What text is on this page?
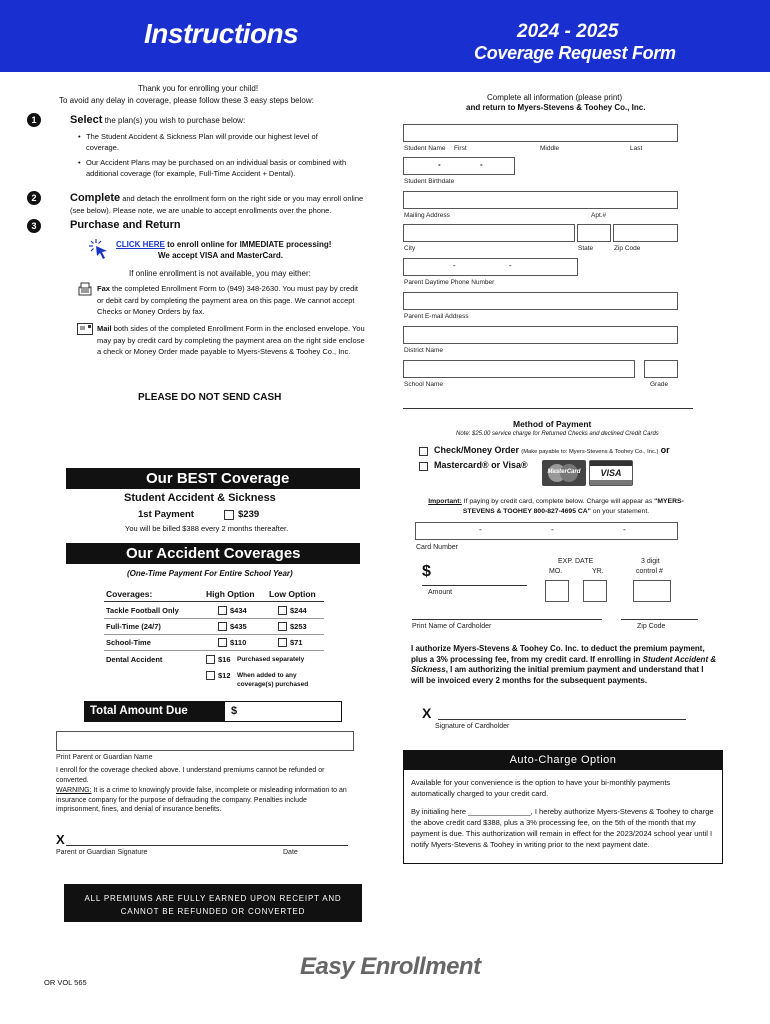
Instructions	2024 - 2025
Coverage Request Form
Thank you for enrolling your child!
To avoid any delay in coverage, please follow these 3 easy steps below:
1	Select the plan(s) you wish to purchase below:
• The Student Accident & Sickness Plan will provide our highest level of coverage.
• Our Accident Plans may be purchased on an individual basis or combined with additional coverage (for example, Full-Time Accident + Dental).
2	Complete and detach the enrollment form on the right side or you may enroll online (see below). Please note, we are unable to accept enrollments over the phone.
3	Purchase and Return
CLICK HERE to enroll online for IMMEDIATE processing!
We accept VISA and MasterCard.
If online enrollment is not available, you may either:
Fax the completed Enrollment Form to (949) 348-2630. You must pay by credit or debit card by completing the payment area on this page. We cannot accept Checks or Money Orders by fax.
Mail both sides of the completed Enrollment Form in the enclosed envelope. You may pay by credit card by completing the payment area on the right side enclose a check or Money Order made payable to Myers-Stevens & Toohey Co., Inc.
PLEASE DO NOT SEND CASH
Our BEST Coverage
Student Accident & Sickness
1st Payment	$239
You will be billed $388 every 2 months thereafter.
Our Accident Coverages
(One-Time Payment For Entire School Year)
Coverages:	High Option Low Option
Tackle Football Only	$434	$244
Full-Time (24/7)	$435	$253
School-Time	$110	$71
Dental Accident	$16 Purchased separately
$12 When added to any
coverage(s) purchased
Total Amount Due	$
Print Parent or Guardian Name
I enroll for the coverage checked above. I understand premiums cannot be refunded or converted.
WARNING: It is a crime to knowingly provide false, incomplete or misleading information to an insurance company for the purpose of defrauding the company. Penalties include imprisonment, fines, and denial of insurance benefits.
X
Parent or Guardian Signature	Date
ALL PREMIUMS ARE FULLY EARNED UPON RECEIPT AND
CANNOT BE REFUNDED OR CONVERTED
OR VOL 565
Easy Enrollment
Complete all information (please print)
and return to Myers-Stevens & Toohey Co., Inc.
Student Name First	Middle	Last
-	-
Student Birthdate
Mailing Address	Apt.#
City	State	Zip Code
-	-
Parent Daytime Phone Number
Parent E-mail Address
District Name
School Name	Grade
Method of Payment
Note: $25.00 service charge for Returned Checks and declined Credit Cards
Check/Money Order (Make payable to: Myers-Stevens & Toohey Co., Inc.) or
Mastercard® or Visa®
MasterCard	VISA
Important: If paying by credit card, complete below. Charge will appear as "MYERS-STEVENS & TOOHEY 800-827-4695 CA" on your statement.
-	-	-
Card Number
EXP. DATE
MO.	YR.
3 digit
control #
$
Amount
Print Name of Cardholder	Zip Code
I authorize Myers-Stevens & Toohey Co. Inc. to deduct the premium payment, plus a 3% processing fee, from my credit card. If enrolling in Student Accident & Sickness, I am authorizing the initial premium payment and understand that I will be invoiced every 2 months for the subsequent payments.
X
Signature of Cardholder
Auto-Charge Option
Available for your convenience is the option to have your bi-monthly payments automatically charged to your credit card.
By initialing here _______________, I hereby authorize Myers-Stevens & Toohey to charge the above credit card $388, plus a 3% processing fee, on the 5th of the month that my payment is due. This authorization will remain in effect for the 2023/2024 school year until I notify Myers-Stevens & Toohey in writing prior to the next payment date.
